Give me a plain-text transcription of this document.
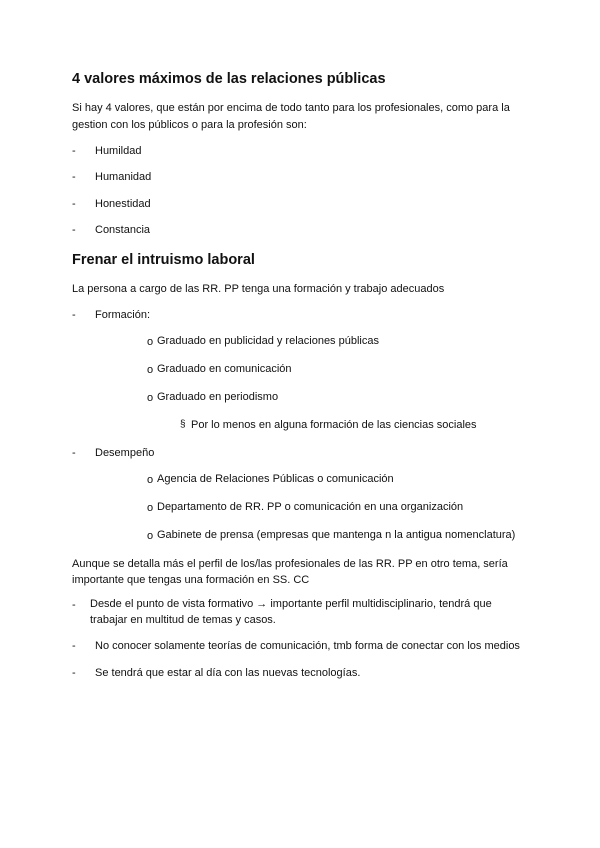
4 valores máximos de las relaciones públicas
Si hay 4 valores, que están por encima de todo tanto para los profesionales, como para la
gestion con los públicos o para la profesión son:
- Humildad
- Humanidad
- Honestidad
- Constancia
Frenar el intruismo laboral
La persona a cargo de las RR. PP tenga una formación y trabajo adecuados
- Formación:
o Graduado en publicidad y relaciones públicas
o Graduado en comunicación
o Graduado en periodismo
§ Por lo menos en alguna formación de las ciencias sociales
- Desempeño
o Agencia de Relaciones Públicas o comunicación
o Departamento de RR. PP o comunicación en una organización
o Gabinete de prensa (empresas que mantenga n la antigua nomenclatura)
Aunque se detalla más el perfil de los/las profesionales de las RR. PP en otro tema, sería
importante que tengas una formación en SS. CC
- Desde el punto de vista formativo → importante perfil multidisciplinario, tendrá que
trabajar en multitud de temas y casos.
- No conocer solamente teorías de comunicación, tmb forma de conectar con los medios
- Se tendrá que estar al día con las nuevas tecnologías.
